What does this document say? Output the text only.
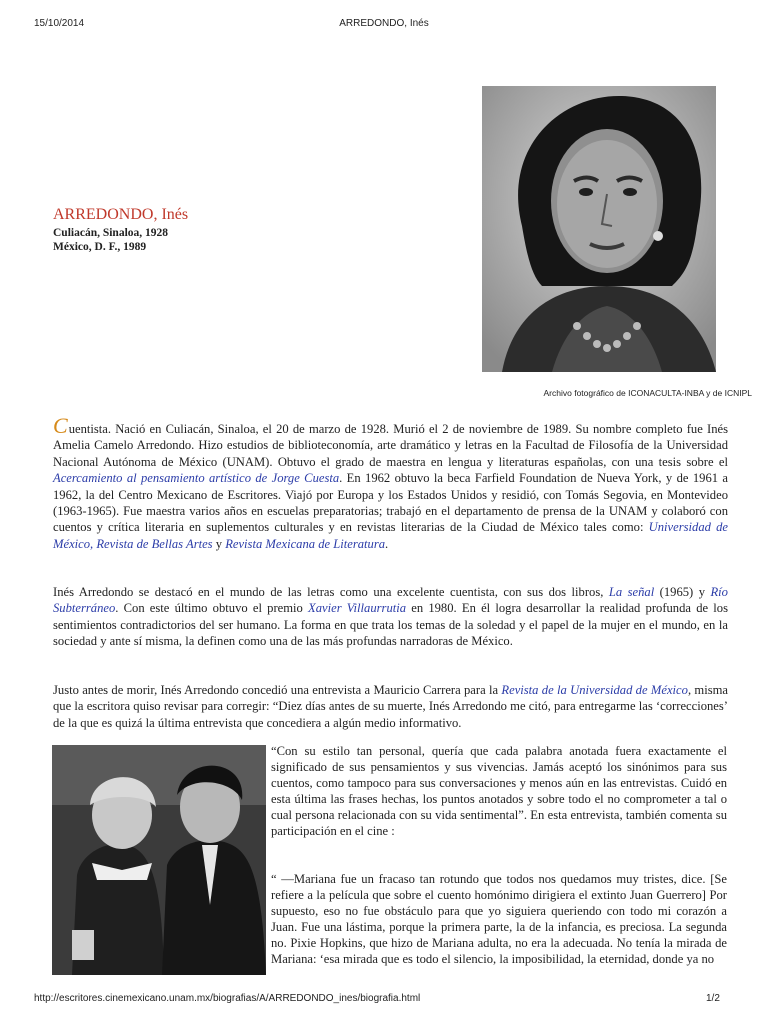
15/10/2014	ARREDONDO, Inés
ARREDONDO, Inés
Culiacán, Sinaloa, 1928
México, D. F., 1989
Archivo fotográfico de ICONACULTA-INBA y de ICNIPL
Cuentista. Nació en Culiacán, Sinaloa, el 20 de marzo de 1928. Murió el 2 de noviembre de 1989. Su nombre completo fue Inés Amelia Camelo Arredondo. Hizo estudios de biblioteconomía, arte dramático y letras en la Facultad de Filosofía de la Universidad Nacional Autónoma de México (UNAM). Obtuvo el grado de maestra en lengua y literaturas españolas, con una tesis sobre el Acercamiento al pensamiento artístico de Jorge Cuesta. En 1962 obtuvo la beca Farfield Foundation de Nueva York, y de 1961 a 1962, la del Centro Mexicano de Escritores. Viajó por Europa y los Estados Unidos y residió, con Tomás Segovia, en Montevideo (1963-1965). Fue maestra varios años en escuelas preparatorias; trabajó en el departamento de prensa de la UNAM y colaboró con cuentos y crítica literaria en suplementos culturales y en revistas literarias de la Ciudad de México tales como: Universidad de México, Revista de Bellas Artes y Revista Mexicana de Literatura.
Inés Arredondo se destacó en el mundo de las letras como una excelente cuentista, con sus dos libros, La señal (1965) y Río Subterráneo. Con este último obtuvo el premio Xavier Villaurrutia en 1980. En él logra desarrollar la realidad profunda de los sentimientos contradictorios del ser humano. La forma en que trata los temas de la soledad y el papel de la mujer en el mundo, en la sociedad y ante sí misma, la definen como una de las más profundas narradoras de México.
Justo antes de morir, Inés Arredondo concedió una entrevista a Mauricio Carrera para la Revista de la Universidad de México, misma que la escritora quiso revisar para corregir: “Diez días antes de su muerte, Inés Arredondo me citó, para entregarme las ‘correcciones’ de la que es quizá la última entrevista que concediera a algún medio informativo.
“Con su estilo tan personal, quería que cada palabra anotada fuera exactamente el significado de sus pensamientos y sus vivencias. Jamás aceptó los sinónimos para sus cuentos, como tampoco para sus conversaciones y menos aún en las entrevistas. Cuidó en esta última las frases hechas, los puntos anotados y sobre todo el no comprometer a tal o cual persona relacionada con su vida sentimental”. En esta entrevista, también comenta su participación en el cine :
“ —Mariana fue un fracaso tan rotundo que todos nos quedamos muy tristes, dice. [Se refiere a la película que sobre el cuento homónimo dirigiera el extinto Juan Guerrero] Por supuesto, eso no fue obstáculo para que yo siguiera queriendo con todo mi corazón a Juan. Fue una lástima, porque la primera parte, la de la infancia, es preciosa. La segunda no. Pixie Hopkins, que hizo de Mariana adulta, no era la adecuada. No tenía la mirada de Mariana: ‘esa mirada que es todo el silencio, la imposibilidad, la eternidad, donde ya no
http://escritores.cinemexicano.unam.mx/biografias/A/ARREDONDO_ines/biografia.html	1/2
